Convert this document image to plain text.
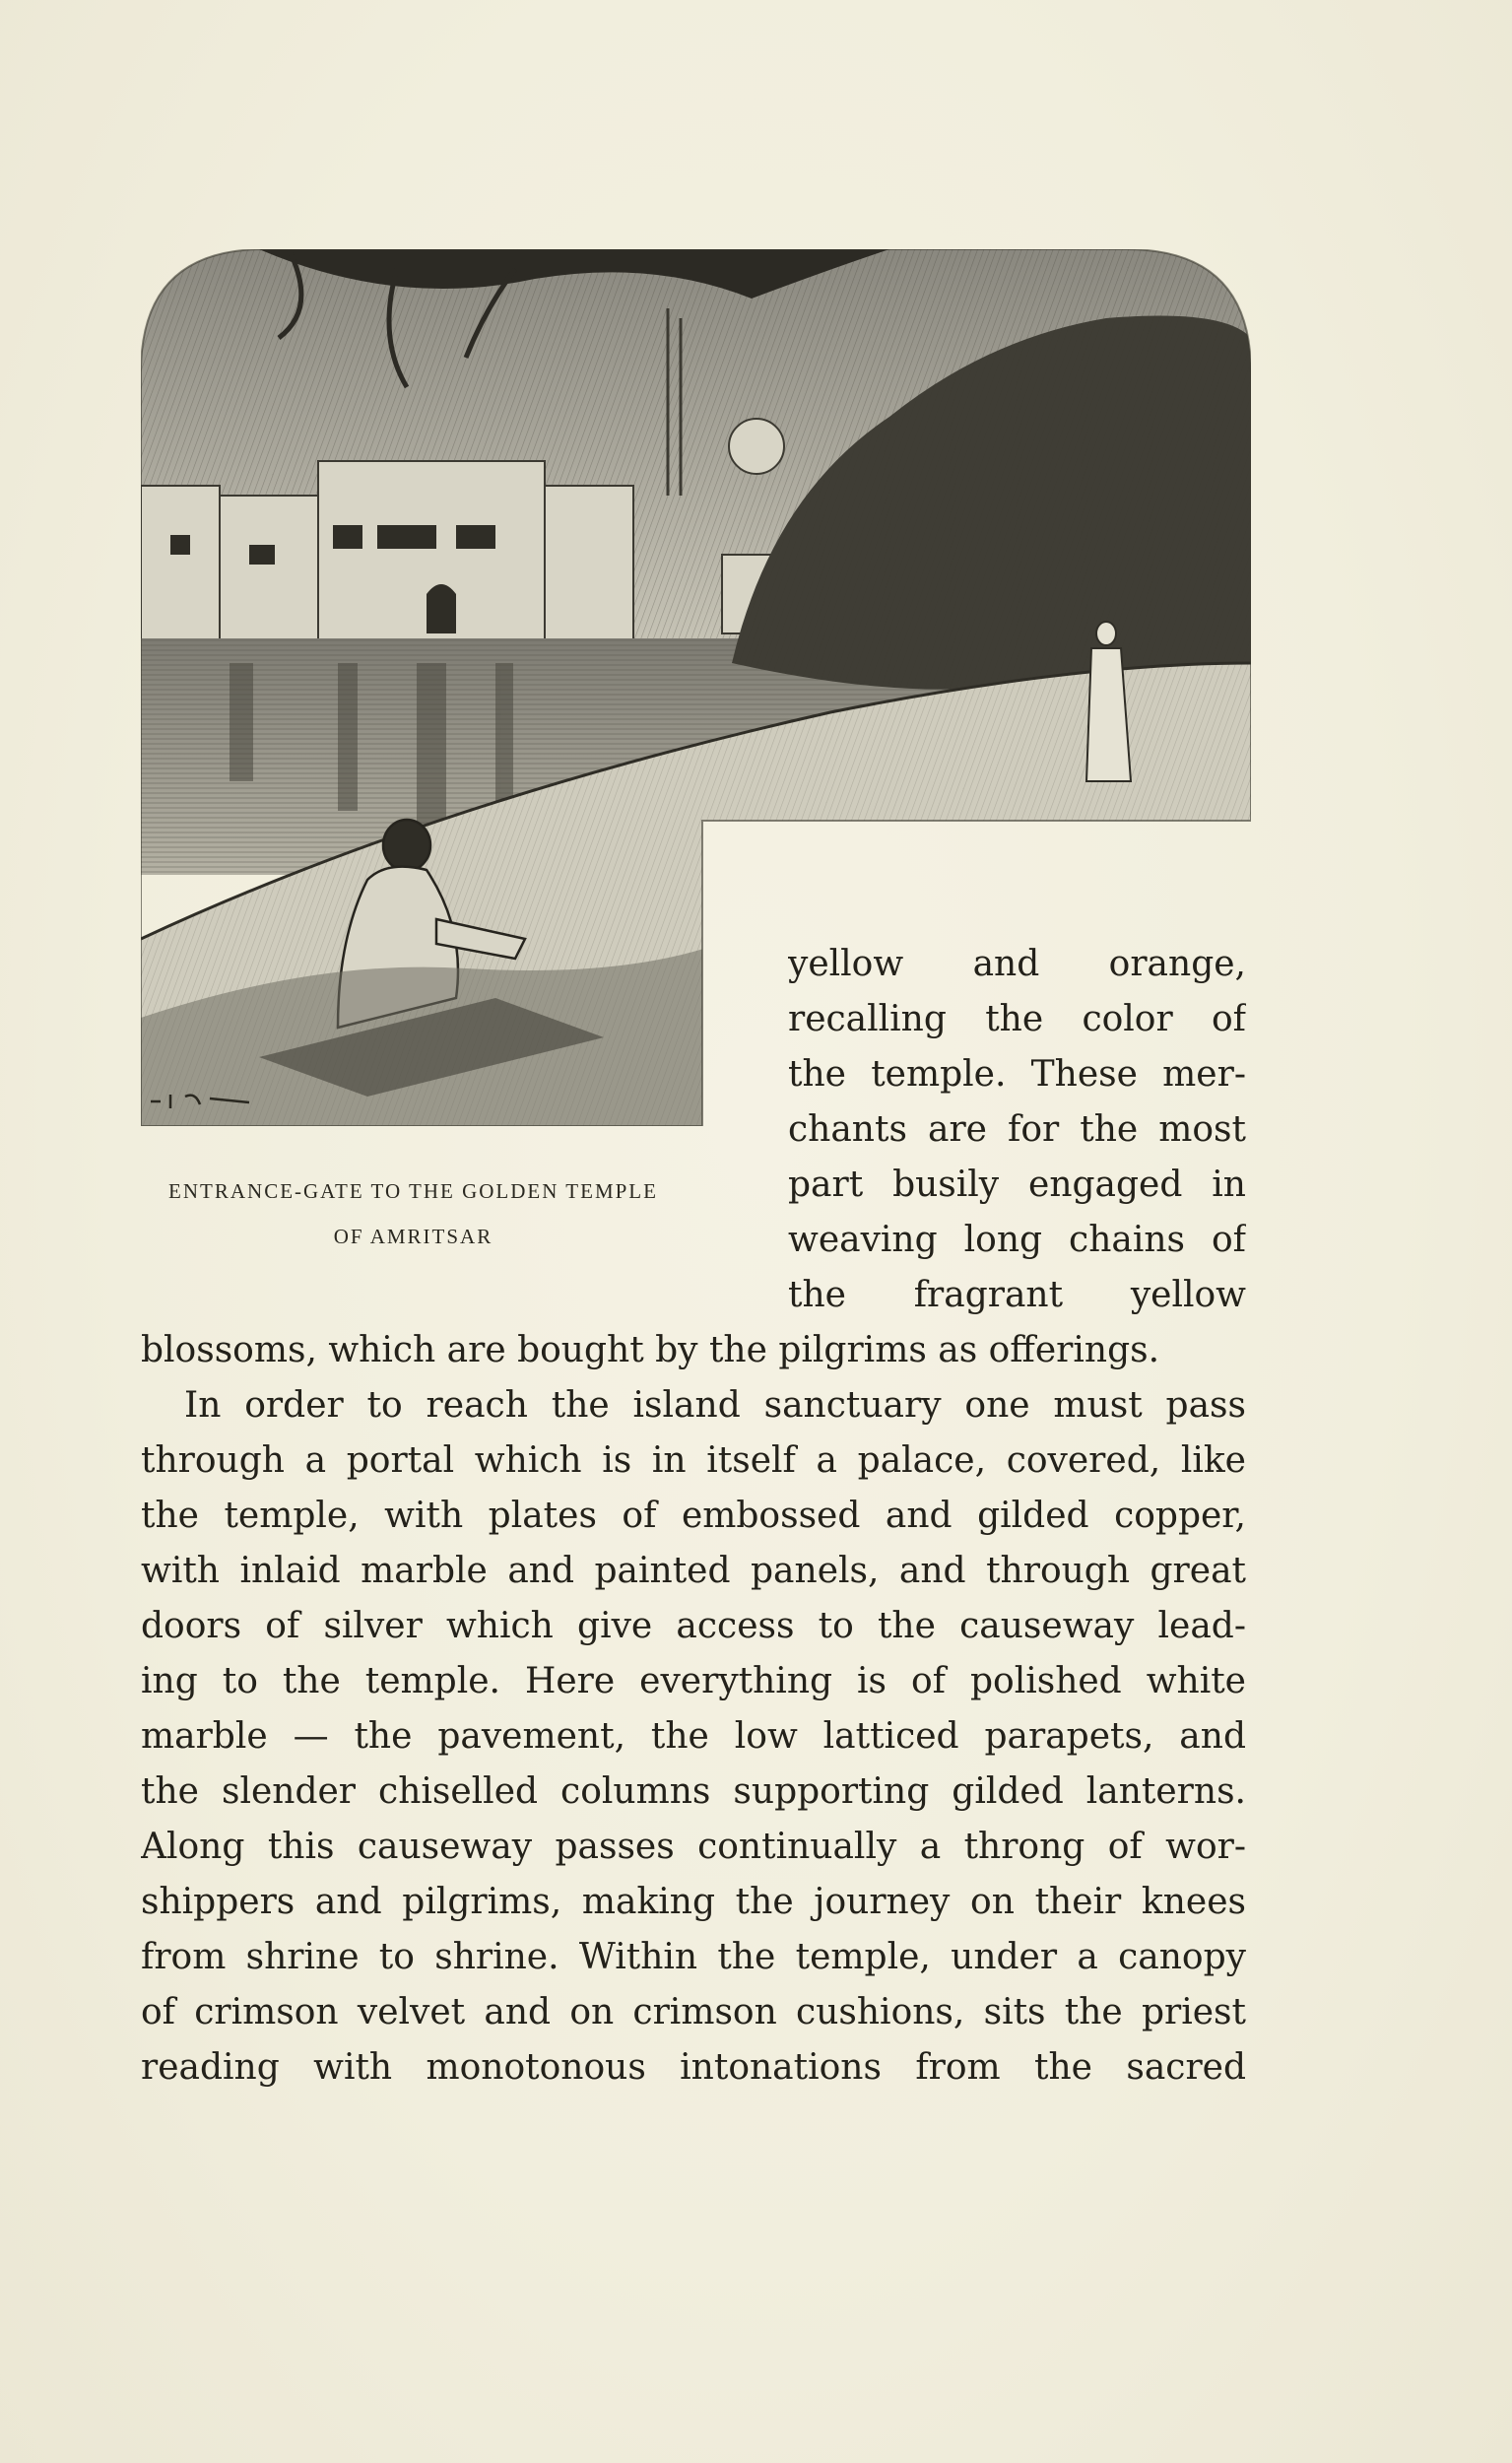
ENTRANCE-GATE TO THE GOLDEN TEMPLE
OF AMRITSAR
yellow and orange,
recalling the color of
the temple. These mer-
chants are for the most
part busily engaged in
weaving long chains of
the fragrant yellow
blossoms, which are bought by the pilgrims as offerings.
In order to reach the island sanctuary one must pass
through a portal which is in itself a palace, covered, like
the temple, with plates of embossed and gilded copper,
with inlaid marble and painted panels, and through great
doors of silver which give access to the causeway lead-
ing to the temple. Here everything is of polished white
marble — the pavement, the low latticed parapets, and
the slender chiselled columns supporting gilded lanterns.
Along this causeway passes continually a throng of wor-
shippers and pilgrims, making the journey on their knees
from shrine to shrine. Within the temple, under a canopy
of crimson velvet and on crimson cushions, sits the priest
reading with monotonous intonations from the sacred
